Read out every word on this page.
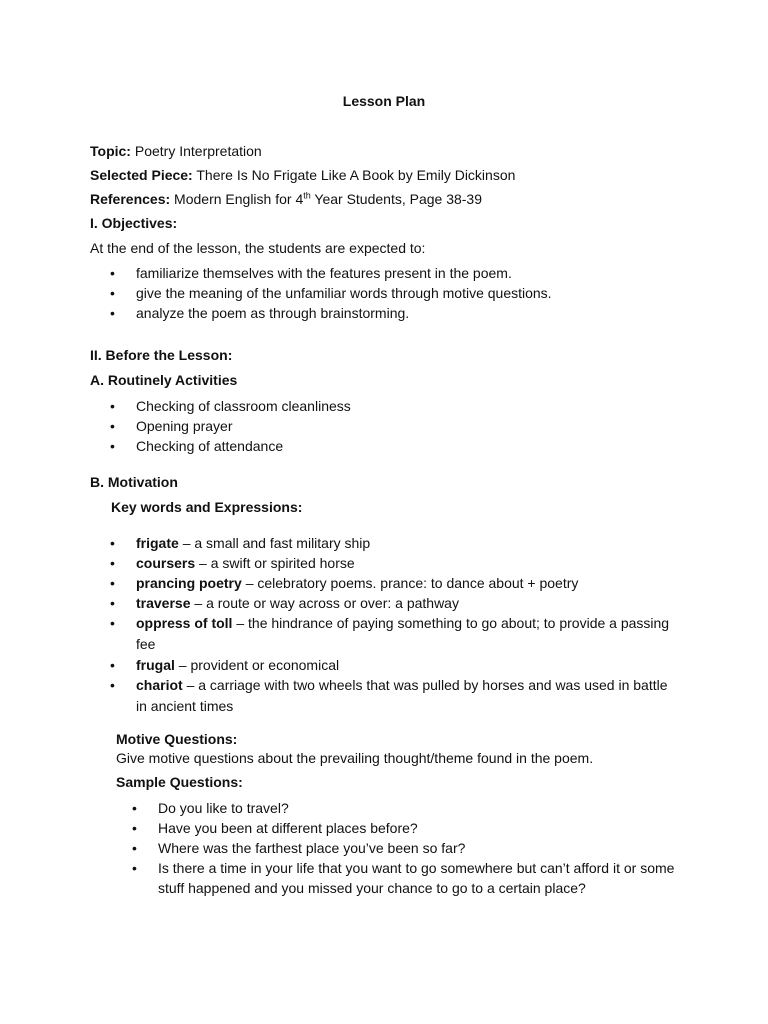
Lesson Plan
Topic: Poetry Interpretation
Selected Piece: There Is No Frigate Like A Book by Emily Dickinson
References: Modern English for 4th Year Students, Page 38-39
I. Objectives:
At the end of the lesson, the students are expected to:
• familiarize themselves with the features present in the poem.
• give the meaning of the unfamiliar words through motive questions.
• analyze the poem as through brainstorming.
II. Before the Lesson:
A. Routinely Activities
• Checking of classroom cleanliness
• Opening prayer
• Checking of attendance
B. Motivation
Key words and Expressions:
• frigate – a small and fast military ship
• coursers – a swift or spirited horse
• prancing poetry – celebratory poems. prance: to dance about + poetry
• traverse – a route or way across or over: a pathway
• oppress of toll – the hindrance of paying something to go about; to provide a passing fee
• frugal – provident or economical
• chariot – a carriage with two wheels that was pulled by horses and was used in battle in ancient times
Motive Questions:
Give motive questions about the prevailing thought/theme found in the poem.
Sample Questions:
• Do you like to travel?
• Have you been at different places before?
• Where was the farthest place you’ve been so far?
• Is there a time in your life that you want to go somewhere but can’t afford it or some stuff happened and you missed your chance to go to a certain place?
